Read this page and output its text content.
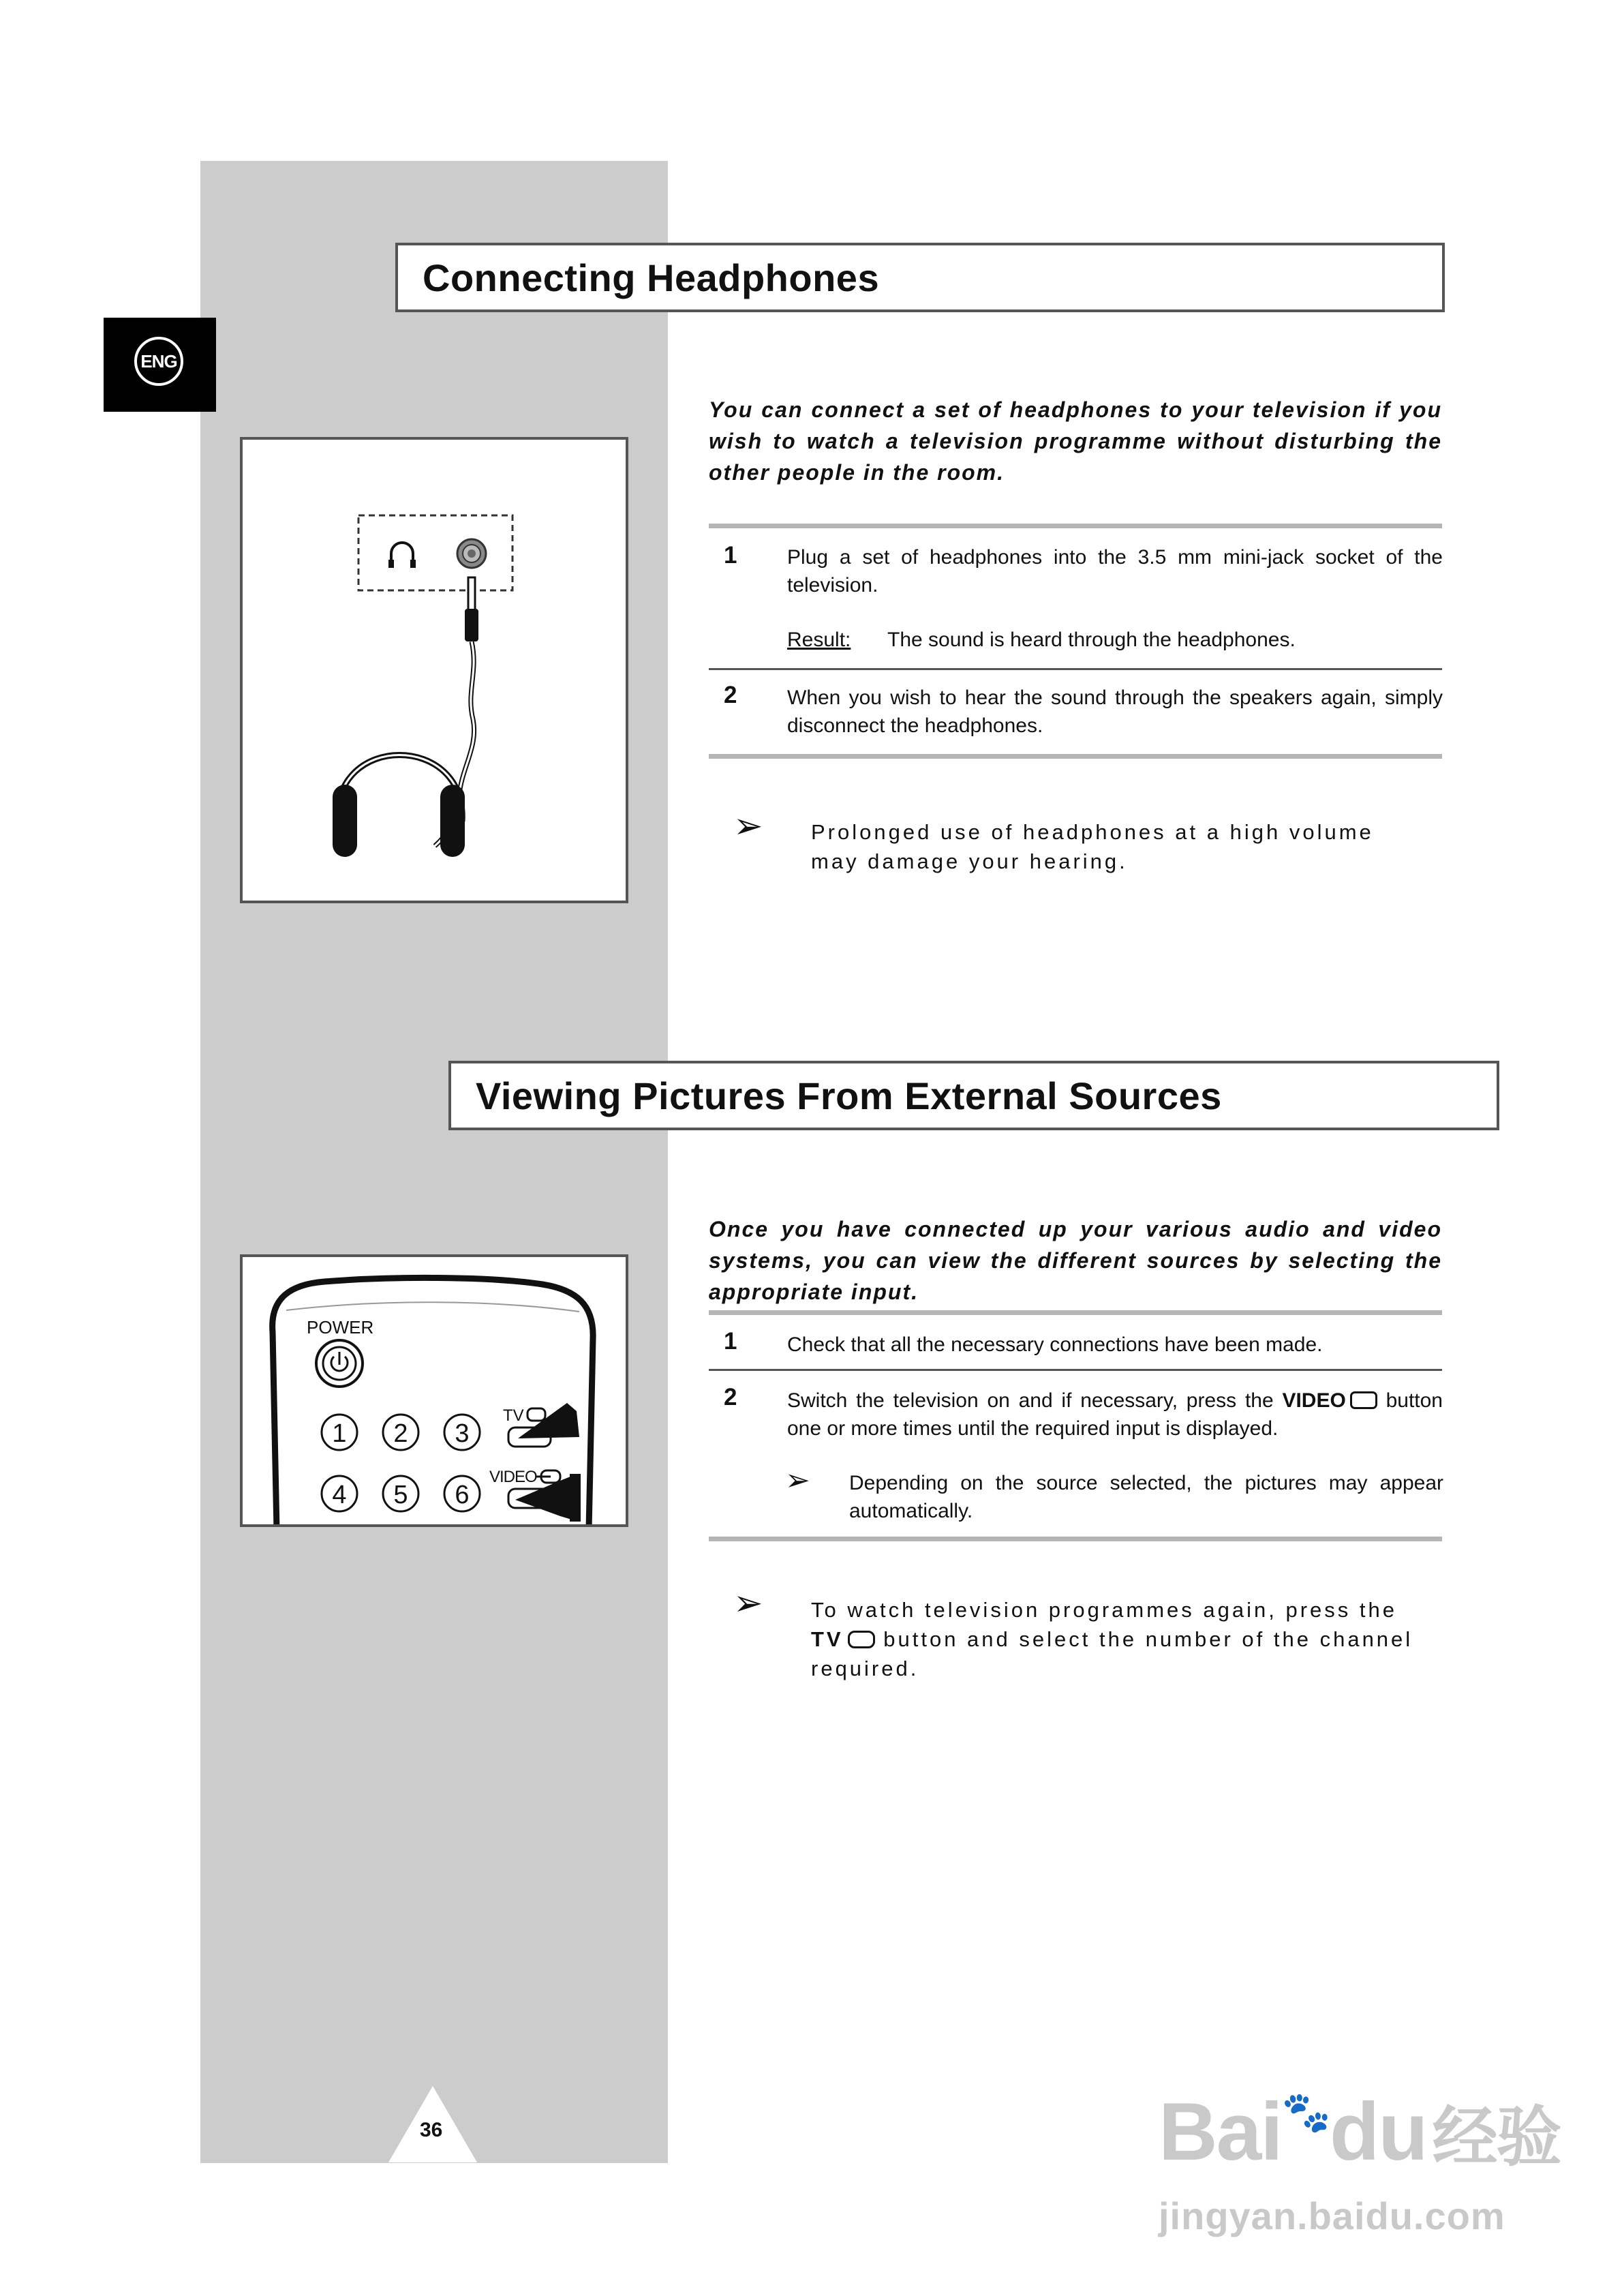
ENG
Connecting Headphones
You can connect a set of headphones to your television if you wish to watch a television programme without disturbing the other people in the room.
1 Plug a set of headphones into the 3.5 mm mini-jack socket of the television.
Result: The sound is heard through the headphones.
2 When you wish to hear the sound through the speakers again, simply disconnect the headphones.
➢ Prolonged use of headphones at a high volume may damage your hearing.
Viewing Pictures From External Sources
Once you have connected up your various audio and video systems, you can view the different sources by selecting the appropriate input.
POWER
1 2 3
4 5 6
TV
VIDEO
1 Check that all the necessary connections have been made.
2 Switch the television on and if necessary, press the VIDEO button one or more times until the required input is displayed.
➢ Depending on the source selected, the pictures may appear automatically.
➢ To watch television programmes again, press the TV button and select the number of the channel required.
36	Bai🐾du经验
jingyan.baidu.com
